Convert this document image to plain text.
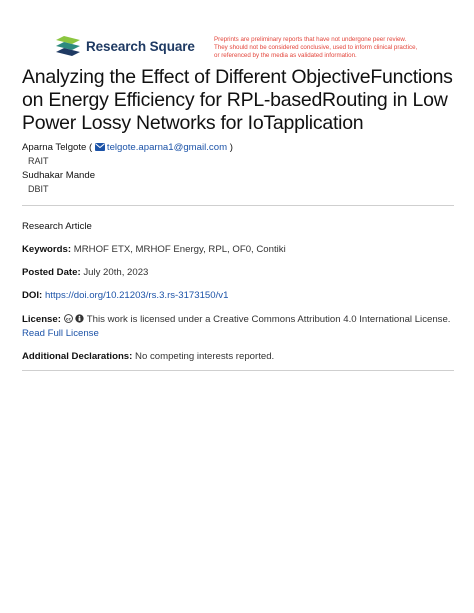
Research Square	Preprints are preliminary reports that have not undergone peer review.
They should not be considered conclusive, used to inform clinical practice,
or referenced by the media as validated information.
Analyzing the Effect of Different ObjectiveFunctions
on Energy Efficiency for RPL-basedRouting in Low
Power Lossy Networks for IoTapplication
Aparna Telgote ( telgote.aparna1@gmail.com )
RAIT
Sudhakar Mande
DBIT
Research Article
Keywords: MRHOF ETX, MRHOF Energy, RPL, OF0, Contiki
Posted Date: July 20th, 2023
DOI: https://doi.org/10.21203/rs.3.rs-3173150/v1
License: cc This work is licensed under a Creative Commons Attribution 4.0 International License.
Read Full License
Additional Declarations: No competing interests reported.
